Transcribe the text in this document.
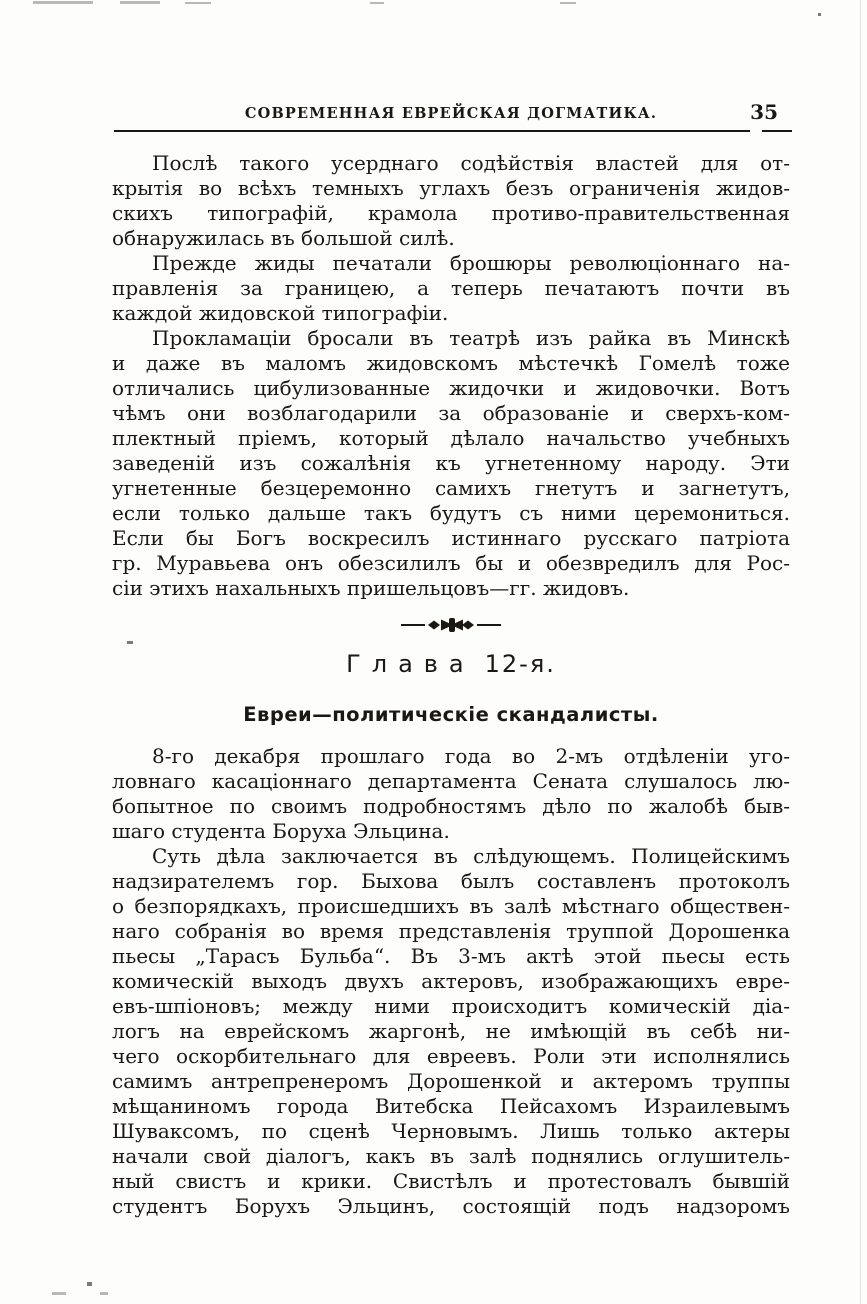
СОВРЕМЕННАЯ ЕВРЕЙСКАЯ ДОГМАТИКА.	35
Послѣ такого усерднаго содѣйствія властей для от-
крытія во всѣхъ темныхъ углахъ безъ ограниченія жидов-
скихъ типографій, крамола противо-правительственная
обнаружилась въ большой силѣ.
Прежде жиды печатали брошюры революціоннаго на-
правленія за границею, а теперь печатаютъ почти въ
каждой жидовской типографіи.
Прокламаціи бросали въ театрѣ изъ райка въ Минскѣ
и даже въ маломъ жидовскомъ мѣстечкѣ Гомелѣ тоже
отличались цибулизованные жидочки и жидовочки. Вотъ
чѣмъ они возблагодарили за образованіе и сверхъ-ком-
плектный пріемъ, который дѣлало начальство учебныхъ
заведеній изъ сожалѣнія къ угнетенному народу. Эти
угнетенные безцеремонно самихъ гнетутъ и загнетутъ,
если только дальше такъ будутъ съ ними церемониться.
Если бы Богъ воскресилъ истиннаго русскаго патріота
гр. Муравьева онъ обезсилилъ бы и обезвредилъ для Рос-
сіи этихъ нахальныхъ пришельцовъ—гг. жидовъ.
Глава 12-я.
Евреи—политическіе скандалисты.
8-го декабря прошлаго года во 2-мъ отдѣленіи уго-
ловнаго касаціоннаго департамента Сената слушалось лю-
бопытное по своимъ подробностямъ дѣло по жалобѣ быв-
шаго студента Боруха Эльцина.
Суть дѣла заключается въ слѣдующемъ. Полицейскимъ
надзирателемъ гор. Быхова былъ составленъ протоколъ
о безпорядкахъ, происшедшихъ въ залѣ мѣстнаго обществен-
наго собранія во время представленія труппой Дорошенка
пьесы „Тарасъ Бульба“. Въ 3-мъ актѣ этой пьесы есть
комическій выходъ двухъ актеровъ, изображающихъ евре-
евъ-шпіоновъ; между ними происходитъ комическій діа-
логъ на еврейскомъ жаргонѣ, не имѣющій въ себѣ ни-
чего оскорбительнаго для евреевъ. Роли эти исполнялись
самимъ антрепренеромъ Дорошенкой и актеромъ труппы
мѣщаниномъ города Витебска Пейсахомъ Израилевымъ
Шуваксомъ, по сценѣ Черновымъ. Лишь только актеры
начали свой діалогъ, какъ въ залѣ поднялись оглушитель-
ный свистъ и крики. Свистѣлъ и протестовалъ бывшій
студентъ Борухъ Эльцинъ, состоящій подъ надзоромъ
